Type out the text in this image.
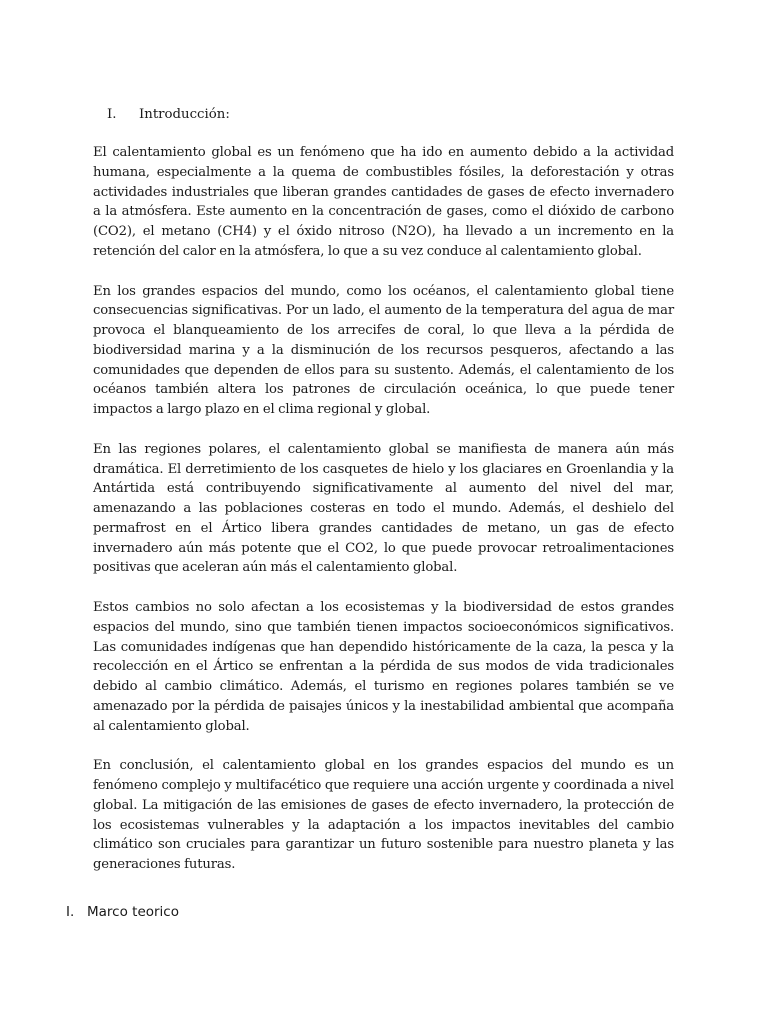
I. Introducción:

El calentamiento global es un fenómeno que ha ido en aumento debido a la actividad humana, especialmente a la quema de combustibles fósiles, la deforestación y otras actividades industriales que liberan grandes cantidades de gases de efecto invernadero a la atmósfera. Este aumento en la concentración de gases, como el dióxido de carbono (CO2), el metano (CH4) y el óxido nitroso (N2O), ha llevado a un incremento en la retención del calor en la atmósfera, lo que a su vez conduce al calentamiento global.

En los grandes espacios del mundo, como los océanos, el calentamiento global tiene consecuencias significativas. Por un lado, el aumento de la temperatura del agua de mar provoca el blanqueamiento de los arrecifes de coral, lo que lleva a la pérdida de biodiversidad marina y a la disminución de los recursos pesqueros, afectando a las comunidades que dependen de ellos para su sustento. Además, el calentamiento de los océanos también altera los patrones de circulación oceánica, lo que puede tener impactos a largo plazo en el clima regional y global.

En las regiones polares, el calentamiento global se manifiesta de manera aún más dramática. El derretimiento de los casquetes de hielo y los glaciares en Groenlandia y la Antártida está contribuyendo significativamente al aumento del nivel del mar, amenazando a las poblaciones costeras en todo el mundo. Además, el deshielo del permafrost en el Ártico libera grandes cantidades de metano, un gas de efecto invernadero aún más potente que el CO2, lo que puede provocar retroalimentaciones positivas que aceleran aún más el calentamiento global.

Estos cambios no solo afectan a los ecosistemas y la biodiversidad de estos grandes espacios del mundo, sino que también tienen impactos socioeconómicos significativos. Las comunidades indígenas que han dependido históricamente de la caza, la pesca y la recolección en el Ártico se enfrentan a la pérdida de sus modos de vida tradicionales debido al cambio climático. Además, el turismo en regiones polares también se ve amenazado por la pérdida de paisajes únicos y la inestabilidad ambiental que acompaña al calentamiento global.

En conclusión, el calentamiento global en los grandes espacios del mundo es un fenómeno complejo y multifacético que requiere una acción urgente y coordinada a nivel global. La mitigación de las emisiones de gases de efecto invernadero, la protección de los ecosistemas vulnerables y la adaptación a los impactos inevitables del cambio climático son cruciales para garantizar un futuro sostenible para nuestro planeta y las generaciones futuras.

I. Marco teorico
